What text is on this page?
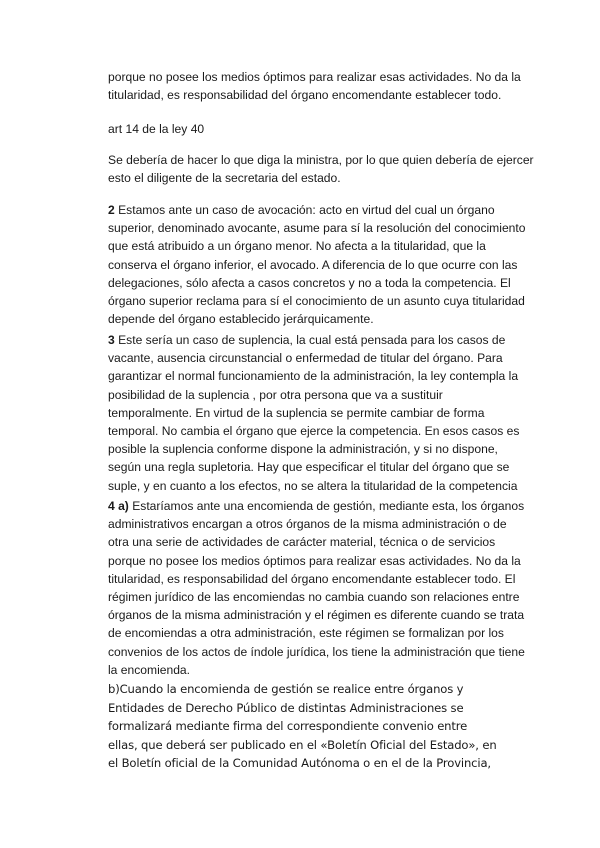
porque no posee los medios óptimos para realizar esas actividades. No da la
titularidad, es responsabilidad del órgano encomendante establecer todo.
art 14 de la ley 40
Se debería de hacer lo que diga la ministra, por lo que quien debería de ejercer
esto el diligente de la secretaria del estado.
2 Estamos ante un caso de avocación: acto en virtud del cual un órgano
superior, denominado avocante, asume para sí la resolución del conocimiento
que está atribuido a un órgano menor. No afecta a la titularidad, que la
conserva el órgano inferior, el avocado. A diferencia de lo que ocurre con las
delegaciones, sólo afecta a casos concretos y no a toda la competencia. El
órgano superior reclama para sí el conocimiento de un asunto cuya titularidad
depende del órgano establecido jerárquicamente.
3 Este sería un caso de suplencia, la cual está pensada para los casos de
vacante, ausencia circunstancial o enfermedad de titular del órgano. Para
garantizar el normal funcionamiento de la administración, la ley contempla la
posibilidad de la suplencia , por otra persona que va a sustituir
temporalmente. En virtud de la suplencia se permite cambiar de forma
temporal. No cambia el órgano que ejerce la competencia. En esos casos es
posible la suplencia conforme dispone la administración, y si no dispone,
según una regla supletoria. Hay que especificar el titular del órgano que se
suple, y en cuanto a los efectos, no se altera la titularidad de la competencia
4 a) Estaríamos ante una encomienda de gestión, mediante esta, los órganos
administrativos encargan a otros órganos de la misma administración o de
otra una serie de actividades de carácter material, técnica o de servicios
porque no posee los medios óptimos para realizar esas actividades. No da la
titularidad, es responsabilidad del órgano encomendante establecer todo. El
régimen jurídico de las encomiendas no cambia cuando son relaciones entre
órganos de la misma administración y el régimen es diferente cuando se trata
de encomiendas a otra administración, este régimen se formalizan por los
convenios de los actos de índole jurídica, los tiene la administración que tiene
la encomienda.
b)Cuando la encomienda de gestión se realice entre órganos y
Entidades de Derecho Público de distintas Administraciones se
formalizará mediante firma del correspondiente convenio entre
ellas, que deberá ser publicado en el «Boletín Oficial del Estado», en
el Boletín oficial de la Comunidad Autónoma o en el de la Provincia,
